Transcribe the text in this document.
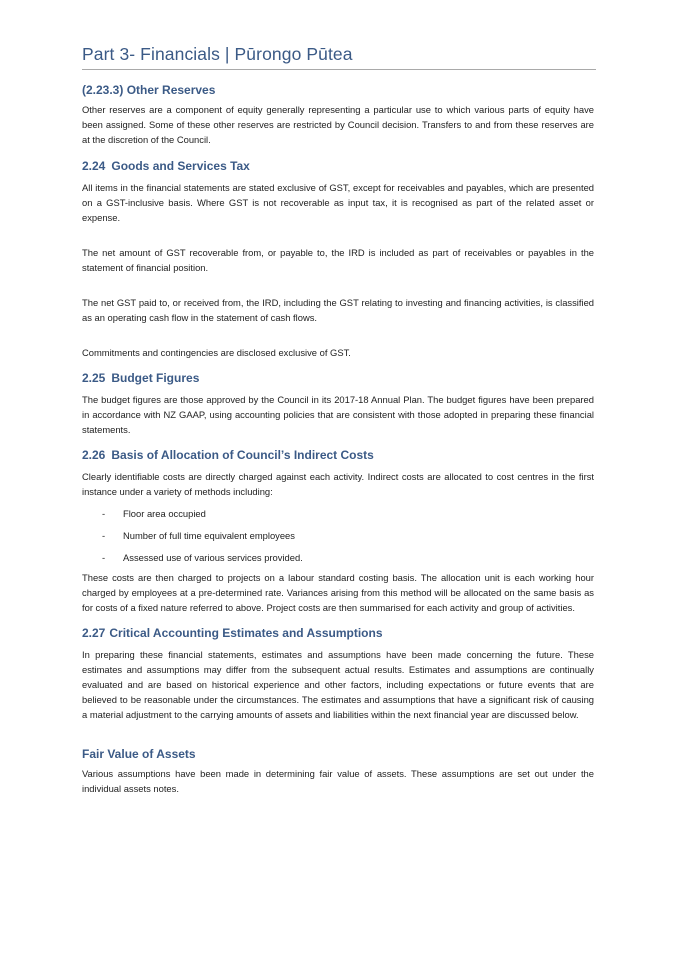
Part 3- Financials | Pūrongo Pūtea
(2.23.3) Other Reserves

Other reserves are a component of equity generally representing a particular use to which various parts of equity have been assigned. Some of these other reserves are restricted by Council decision. Transfers to and from these reserves are at the discretion of the Council.

2.24 Goods and Services Tax

All items in the financial statements are stated exclusive of GST, except for receivables and payables, which are presented on a GST-inclusive basis. Where GST is not recoverable as input tax, it is recognised as part of the related asset or expense.

The net amount of GST recoverable from, or payable to, the IRD is included as part of receivables or payables in the statement of financial position.

The net GST paid to, or received from, the IRD, including the GST relating to investing and financing activities, is classified as an operating cash flow in the statement of cash flows.

Commitments and contingencies are disclosed exclusive of GST.

2.25 Budget Figures

The budget figures are those approved by the Council in its 2017-18 Annual Plan. The budget figures have been prepared in accordance with NZ GAAP, using accounting policies that are consistent with those adopted in preparing these financial statements.

2.26 Basis of Allocation of Council’s Indirect Costs

Clearly identifiable costs are directly charged against each activity. Indirect costs are allocated to cost centres in the first instance under a variety of methods including:

- Floor area occupied
- Number of full time equivalent employees
- Assessed use of various services provided.

These costs are then charged to projects on a labour standard costing basis. The allocation unit is each working hour charged by employees at a pre-determined rate. Variances arising from this method will be allocated on the same basis as for costs of a fixed nature referred to above. Project costs are then summarised for each activity and group of activities.

2.27 Critical Accounting Estimates and Assumptions

In preparing these financial statements, estimates and assumptions have been made concerning the future. These estimates and assumptions may differ from the subsequent actual results. Estimates and assumptions are continually evaluated and are based on historical experience and other factors, including expectations or future events that are believed to be reasonable under the circumstances. The estimates and assumptions that have a significant risk of causing a material adjustment to the carrying amounts of assets and liabilities within the next financial year are discussed below.

Fair Value of Assets

Various assumptions have been made in determining fair value of assets. These assumptions are set out under the individual assets notes.
